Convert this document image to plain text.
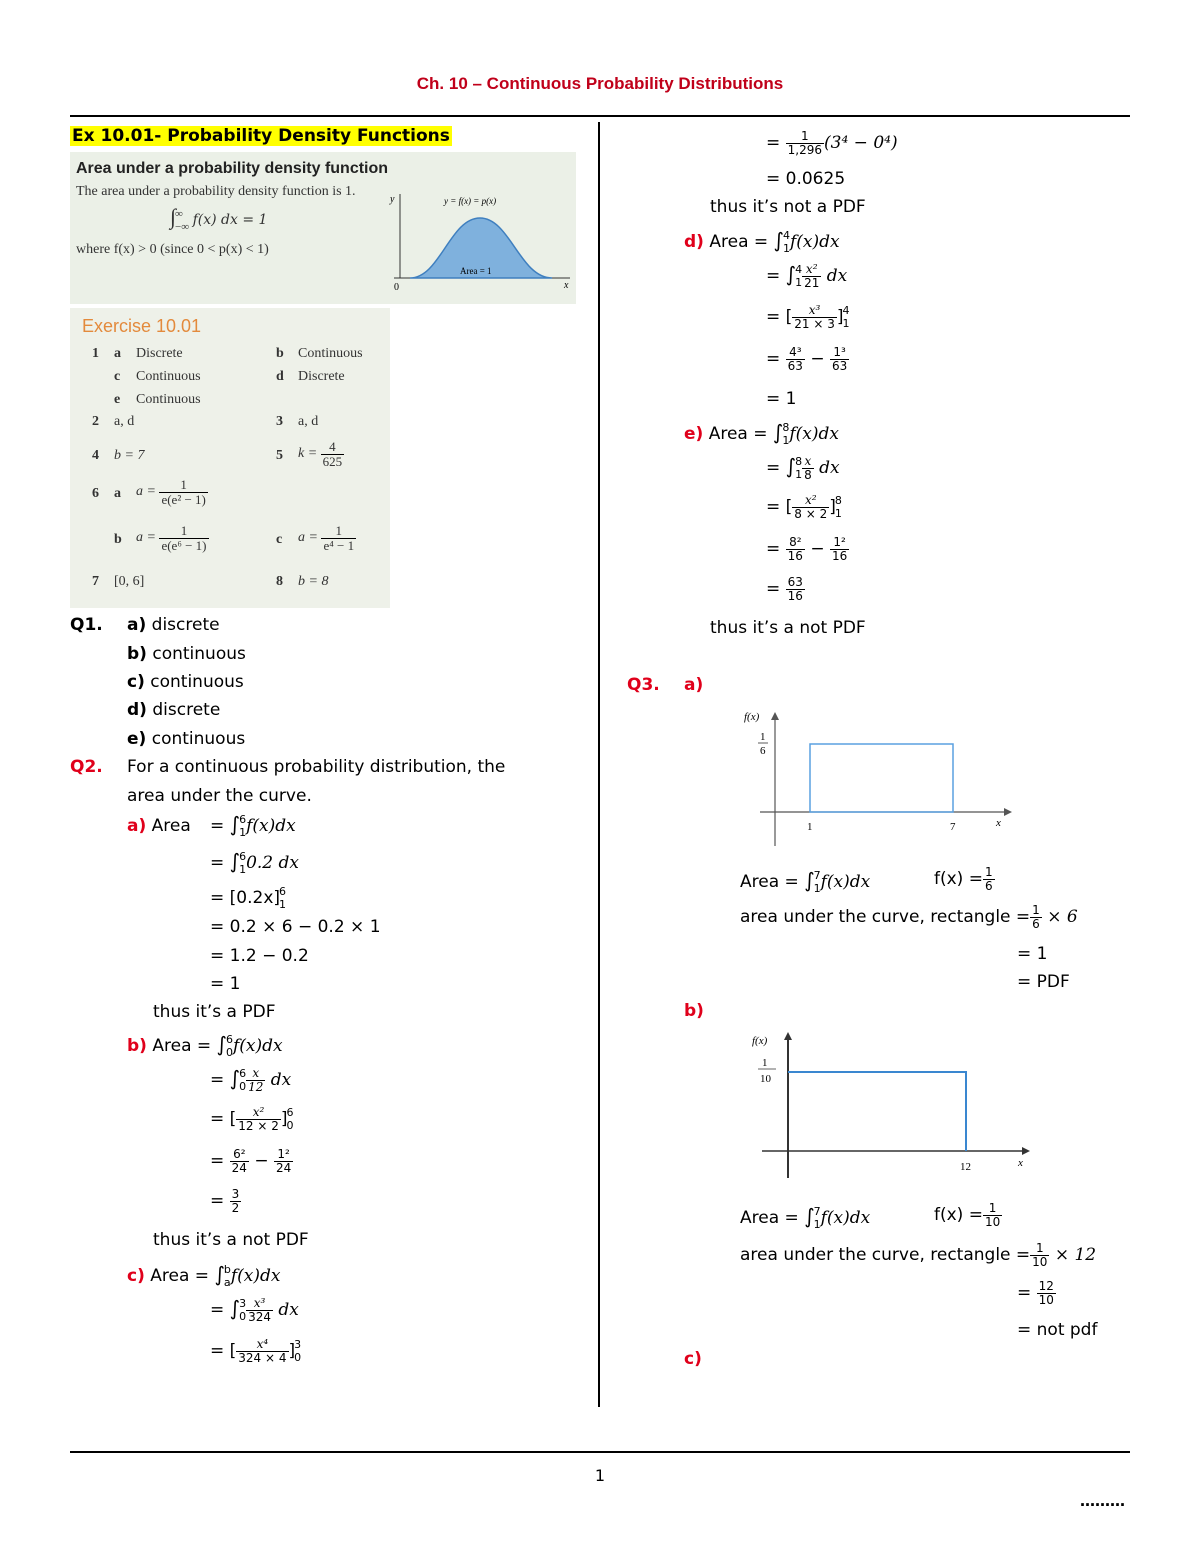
Ch. 10 – Continuous Probability Distributions
Ex 10.01- Probability Density Functions
Area under a probability density function
The area under a probability density function is 1.
∫ ∞
−∞ f(x) dx = 1
where f(x) > 0 (since 0 < p(x) < 1)
y
x
0
y = f(x) = p(x)
Area = 1
Exercise 10.01
1 a Discrete	b Continuous
c Continuous	d Discrete
e Continuous
2 a, d	3 a, d
4 b = 7	5 $k = \frac{4}{625}$
6 a $a = \frac{1}{\text{e(e² − 1)}}$
b $a = \frac{1}{\text{e(e⁶ − 1)}}$	c $a = \frac{1}{\text{e⁴ − 1}}$
7 [0, 6]	8 b = 8
Q1. a) discrete
b) continuous
c) continuous
d) discrete
e) continuous
Q2. For a continuous probability distribution, the
area under the curve.
a) Area = ∫ 6
1 f(x)dx
= ∫ 6
1 0.2 dx
= [0.2x] 6
1
= 0.2 × 6 − 0.2 × 1
= 1.2 − 0.2
= 1
thus it’s a PDF
b) Area = ∫ 6
0 f(x)dx
= ∫ 6
$0 \frac{x}{12}$ dx
= [ $\frac{\text{x²}}{12 \times 2}$ ] 6
0
= $\frac{\text{6²}}{24} - \frac{\text{1²}}{24}$
= $\frac{3}{2}$
thus it’s a not PDF
c) Area = ∫ b
a f(x)dx
= ∫ 3
$0 \frac{\text{x³}}{324}$ dx
= [ $\frac{\text{x⁴}}{324 \times 4}$ ] 3
0
= $\frac{1}{1,296} (3^4 - 0^4)$
= 0.0625
thus it’s not a PDF
d) Area = ∫ 4
1 f(x)dx
= ∫ 4
$1 \frac{\text{x²}}{21}$ dx
= [ $\frac{\text{x³}}{21 \times 3}$ ] 4
1
= $\frac{\text{4³}}{63} - \frac{\text{1³}}{63}$
= 1
e) Area = ∫ 8
1 f(x)dx
= ∫ 8
$1 \frac{x}{8}$ dx
= [ $\frac{\text{x²}}{8 \times 2}$ ] 8
1
= $\frac{\text{8²}}{16} - \frac{\text{1²}}{16}$
= $\frac{63}{16}$
thus it’s a not PDF
Q3. a)
f(x)
1
6
1	7	x
Area = ∫ 7
1 f(x)dx	$f(x) = \frac{1}{6}$
area under the curve, rectangle = $\frac{1}{6} \times 6$
= 1
= PDF
b)
f(x)
1
10
12	x
Area = ∫ 7
1 f(x)dx	$f(x) = \frac{1}{10}$
area under the curve, rectangle = $\frac{1}{10} \times 12$
= $\frac{12}{10}$
= not pdf
c)
1
………
